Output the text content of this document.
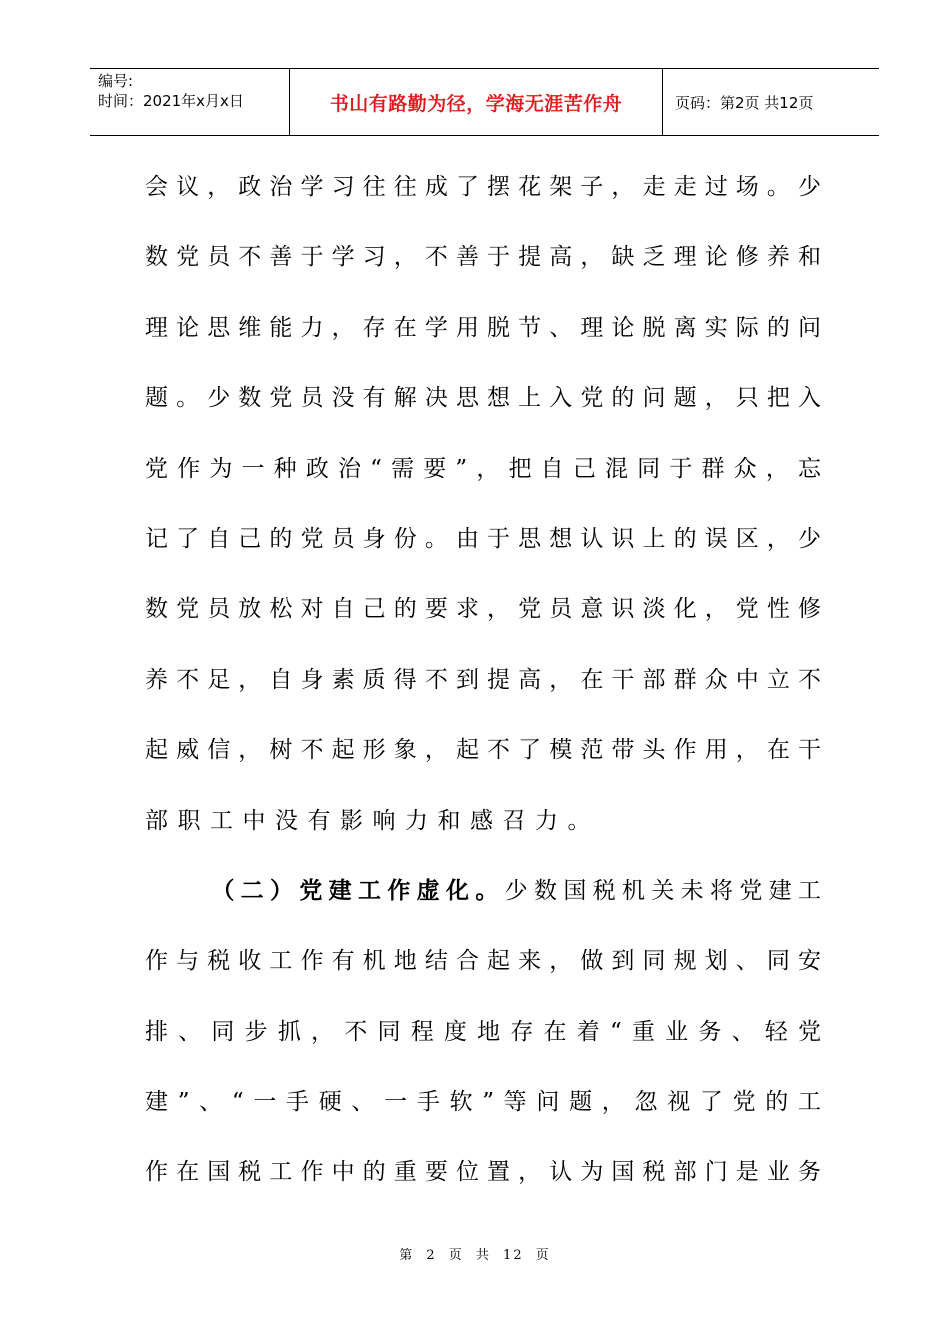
编号:
时间：2021年x月x日	书山有路勤为径，学海无涯苦作舟	页码：第2页 共12页
会议，政治学习往往成了摆花架子，走走过场。少
数党员不善于学习，不善于提高，缺乏理论修养和
理论思维能力，存在学用脱节、理论脱离实际的问
题。少数党员没有解决思想上入党的问题，只把入
党作为一种政治“需要”，把自己混同于群众，忘
记了自己的党员身份。由于思想认识上的误区，少
数党员放松对自己的要求，党员意识淡化，党性修
养不足，自身素质得不到提高，在干部群众中立不
起威信，树不起形象，起不了模范带头作用，在干
部职工中没有影响力和感召力。
（二）党建工作虚化。少数国税机关未将党建工
作与税收工作有机地结合起来，做到同规划、同安
排、同步抓，不同程度地存在着“重业务、轻党
建”、“一手硬、一手软”等问题，忽视了党的工
作在国税工作中的重要位置，认为国税部门是业务
第 2 页 共 12 页
